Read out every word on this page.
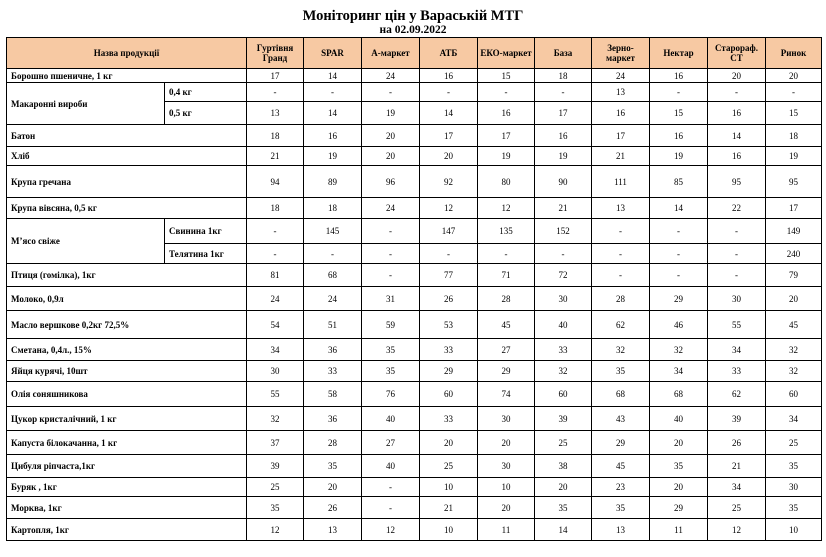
Моніторинг цін у Вараській МТГ
на 02.09.2022
Назва продукції		Гуртівня Гранд	SPAR	А-маркет	АТБ	ЕКО-маркет	База	Зерно-маркет	Нектар	Старораф. СТ	Ринок
Борошно пшеничне, 1 кг		17	14	24	16	15	18	24	16	20	20
Макаронні вироби	0,4 кг	-	-	-	-	-	-	13	-	-	-
	0,5 кг	13	14	19	14	16	17	16	15	16	15
Батон		18	16	20	17	17	16	17	16	14	18
Хліб		21	19	20	20	19	19	21	19	16	19
Крупа гречана		94	89	96	92	80	90	111	85	95	95
Крупа вівсяна, 0,5 кг		18	18	24	12	12	21	13	14	22	17
М’ясо свіже	Свинина 1кг	-	145	-	147	135	152	-	-	-	149
	Телятина 1кг	-	-	-	-	-	-	-	-	-	240
Птиця (гомілка), 1кг		81	68	-	77	71	72	-	-	-	79
Молоко, 0,9л		24	24	31	26	28	30	28	29	30	20
Масло вершкове 0,2кг 72,5%		54	51	59	53	45	40	62	46	55	45
Сметана, 0,4л., 15%		34	36	35	33	27	33	32	32	34	32
Яйця курячі, 10шт		30	33	35	29	29	32	35	34	33	32
Олія соняшникова		55	58	76	60	74	60	68	68	62	60
Цукор кристалічний, 1 кг		32	36	40	33	30	39	43	40	39	34
Капуста білокачанна, 1 кг		37	28	27	20	20	25	29	20	26	25
Цибуля ріпчаста,1кг		39	35	40	25	30	38	45	35	21	35
Буряк , 1кг		25	20	-	10	10	20	23	20	34	30
Морква, 1кг		35	26	-	21	20	35	35	29	25	35
Картопля, 1кг		12	13	12	10	11	14	13	11	12	10
